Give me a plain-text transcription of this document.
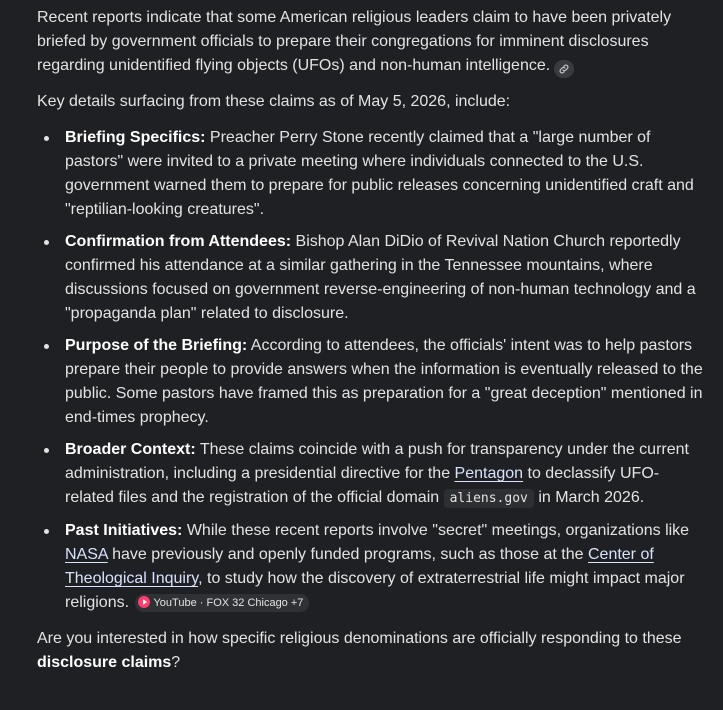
Recent reports indicate that some American religious leaders claim to have been privately briefed by government officials to prepare their congregations for imminent disclosures regarding unidentified flying objects (UFOs) and non-human intelligence.

Key details surfacing from these claims as of May 5, 2026, include:

Briefing Specifics: Preacher Perry Stone recently claimed that a "large number of pastors" were invited to a private meeting where individuals connected to the U.S. government warned them to prepare for public releases concerning unidentified craft and "reptilian-looking creatures".
Confirmation from Attendees: Bishop Alan DiDio of Revival Nation Church reportedly confirmed his attendance at a similar gathering in the Tennessee mountains, where discussions focused on government reverse-engineering of non-human technology and a "propaganda plan" related to disclosure.
Purpose of the Briefing: According to attendees, the officials' intent was to help pastors prepare their people to provide answers when the information is eventually released to the public. Some pastors have framed this as preparation for a "great deception" mentioned in end-times prophecy.
Broader Context: These claims coincide with a push for transparency under the current administration, including a presidential directive for the Pentagon to declassify UFO-related files and the registration of the official domain aliens.gov in March 2026.
Past Initiatives: While these recent reports involve "secret" meetings, organizations like NASA have previously and openly funded programs, such as those at the Center of Theological Inquiry, to study how the discovery of extraterrestrial life might impact major religions. YouTube · FOX 32 Chicago +7

Are you interested in how specific religious denominations are officially responding to these disclosure claims?
